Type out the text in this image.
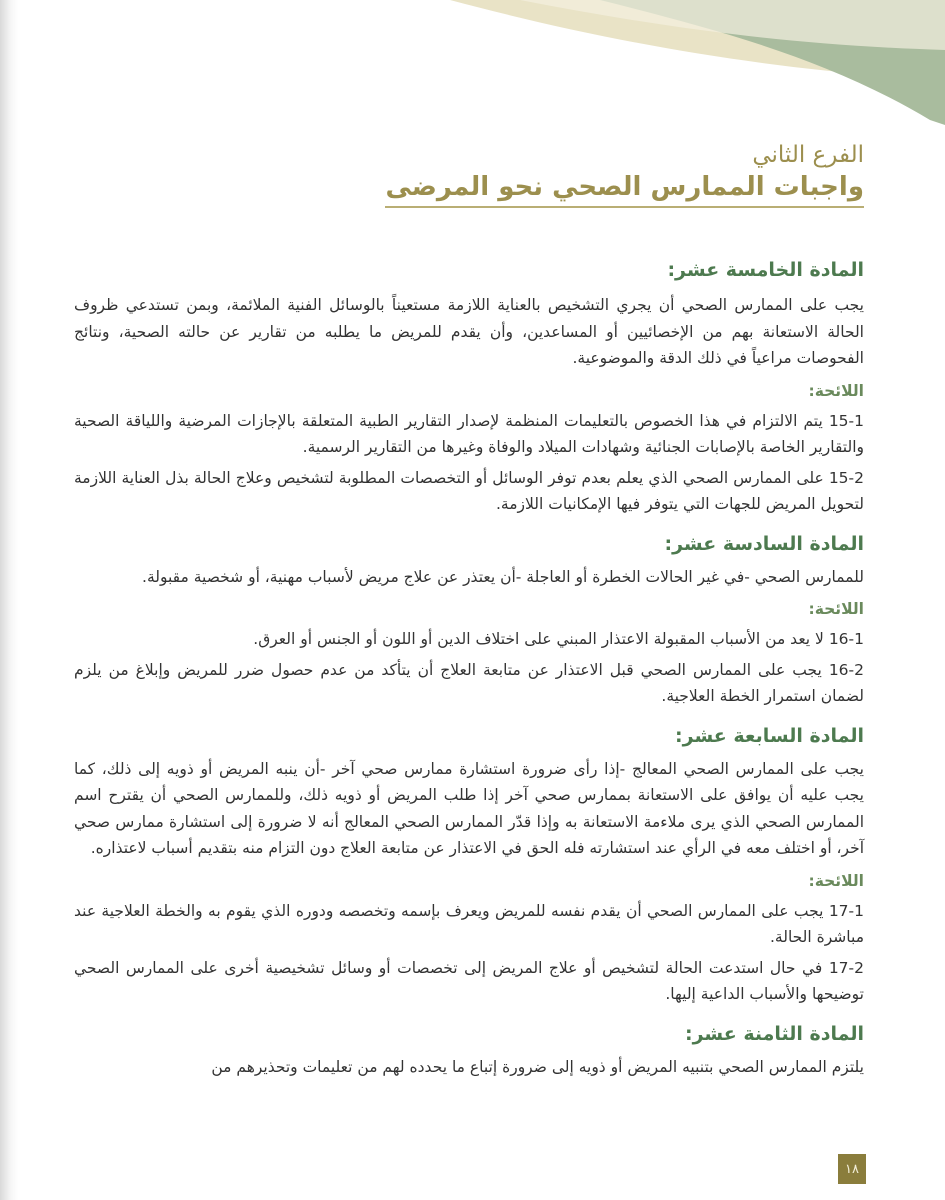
الفرع الثاني

واجبات الممارس الصحي نحو المرضى
المادة الخامسة عشر:

يجب على الممارس الصحي أن يجري التشخيص بالعناية اللازمة مستعيناً بالوسائل الفنية الملائمة، وبمن تستدعي ظروف الحالة الاستعانة بهم من الإخصائيين أو المساعدين، وأن يقدم للمريض ما يطلبه من تقارير عن حالته الصحية، ونتائج الفحوصات مراعياً في ذلك الدقة والموضوعية.

اللائحة:

15-1 يتم الالتزام في هذا الخصوص بالتعليمات المنظمة لإصدار التقارير الطبية المتعلقة بالإجازات المرضية واللياقة الصحية والتقارير الخاصة بالإصابات الجنائية وشهادات الميلاد والوفاة وغيرها من التقارير الرسمية.

15-2 على الممارس الصحي الذي يعلم بعدم توفر الوسائل أو التخصصات المطلوبة لتشخيص وعلاج الحالة بذل العناية اللازمة لتحويل المريض للجهات التي يتوفر فيها الإمكانيات اللازمة.

المادة السادسة عشر:

للممارس الصحي -في غير الحالات الخطرة أو العاجلة -أن يعتذر عن علاج مريض لأسباب مهنية، أو شخصية مقبولة.

اللائحة:

16-1 لا يعد من الأسباب المقبولة الاعتذار المبني على اختلاف الدين أو اللون أو الجنس أو العرق.

16-2 يجب على الممارس الصحي قبل الاعتذار عن متابعة العلاج أن يتأكد من عدم حصول ضرر للمريض وإبلاغ من يلزم لضمان استمرار الخطة العلاجية.

المادة السابعة عشر:

يجب على الممارس الصحي المعالج -إذا رأى ضرورة استشارة ممارس صحي آخر -أن ينبه المريض أو ذويه إلى ذلك، كما يجب عليه أن يوافق على الاستعانة بممارس صحي آخر إذا طلب المريض أو ذويه ذلك، وللممارس الصحي أن يقترح اسم الممارس الصحي الذي يرى ملاءمة الاستعانة به وإذا قدّر الممارس الصحي المعالج أنه لا ضرورة إلى استشارة ممارس صحي آخر، أو اختلف معه في الرأي عند استشارته فله الحق في الاعتذار عن متابعة العلاج دون التزام منه بتقديم أسباب لاعتذاره.

اللائحة:

17-1 يجب على الممارس الصحي أن يقدم نفسه للمريض ويعرف بإسمه وتخصصه ودوره الذي يقوم به والخطة العلاجية عند مباشرة الحالة.

17-2 في حال استدعت الحالة لتشخيص أو علاج المريض إلى تخصصات أو وسائل تشخيصية أخرى على الممارس الصحي توضيحها والأسباب الداعية إليها.

المادة الثامنة عشر:

يلتزم الممارس الصحي بتنبيه المريض أو ذويه إلى ضرورة إتباع ما يحدده لهم من تعليمات وتحذيرهم من

١٨
